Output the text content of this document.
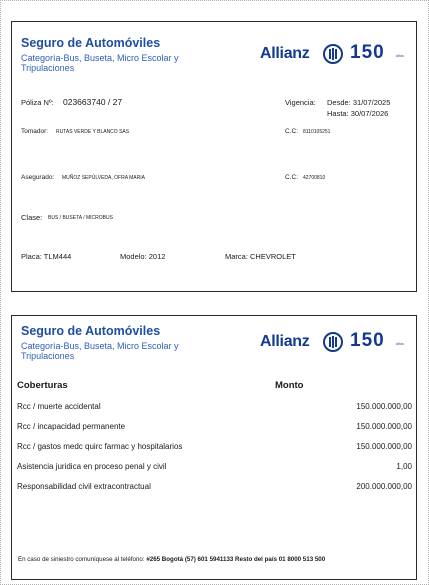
Seguro de Automóviles
Categoría-Bus, Buseta, Micro Escolar y Tripulaciones
Allianz 150	años
Póliza Nº: 023663740 / 27	Vigencia: Desde: 31/07/2025
Hasta: 30/07/2026
Tomador: RUTAS VERDE Y BLANCO SAS	C.C: 8110105251
Asegurado: MUÑOZ SEPÚLVEDA, OFRA MARIA	C.C: 42700810
Clase: BUS / BUSETA / MICROBUS
Placa: TLM444	Modelo: 2012	Marca: CHEVROLET
Seguro de Automóviles
Categoría-Bus, Buseta, Micro Escolar y Tripulaciones
Allianz 150	años
Coberturas	Monto
Rcc / muerte accidental	150.000.000,00
Rcc / incapacidad permanente	150.000.000,00
Rcc / gastos medc quirc farmac y hospitalarios	150.000.000,00
Asistencia juridica en proceso penal y civil	1,00
Responsabilidad civil extracontractual	200.000.000,00
En caso de siniestro comuníquese al teléfono: #265 Bogotá (57) 601 5941133 Resto del país 01 8000 513 500
